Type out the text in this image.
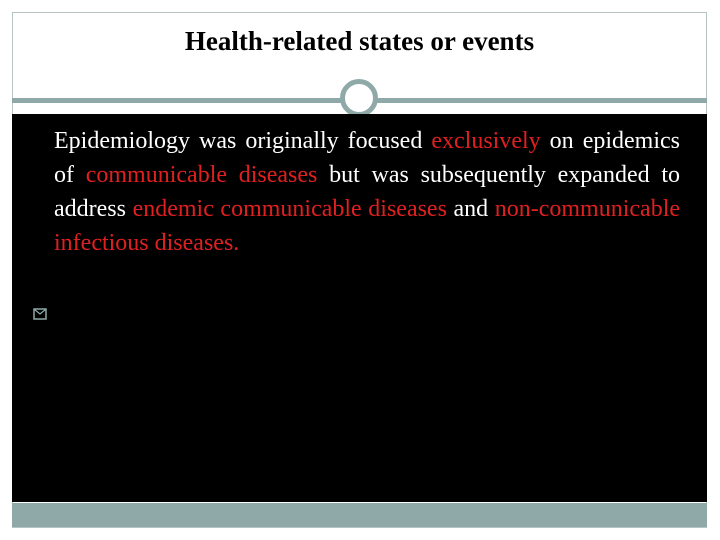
Health-related states or events
Epidemiology was originally focused exclusively on epidemics of communicable diseases but was subsequently expanded to address endemic communicable diseases and non-communicable infectious diseases.
